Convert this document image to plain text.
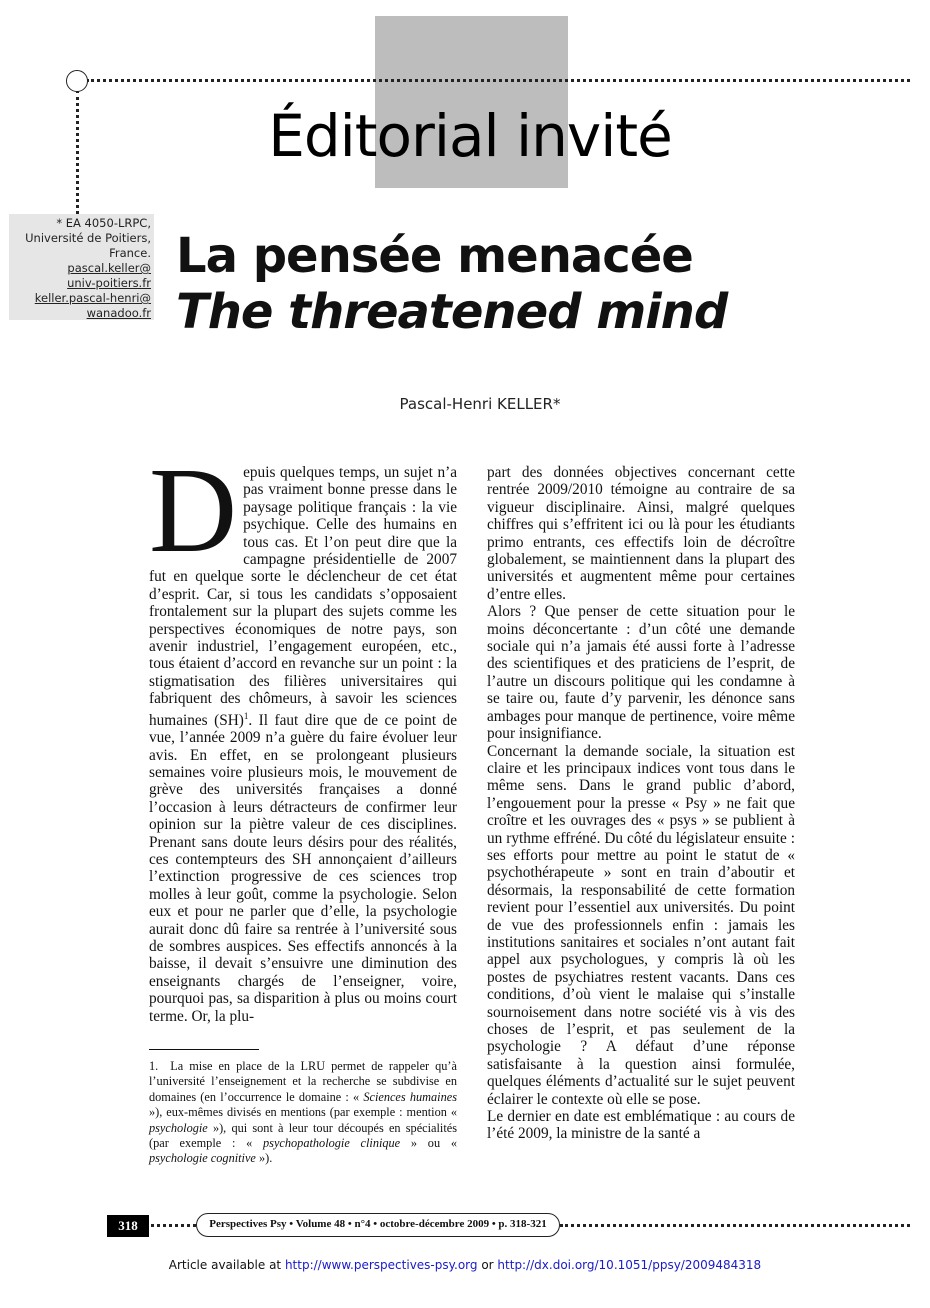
Éditorial invité
* EA 4050-LRPC,
Université de Poitiers,
France.
pascal.keller@
univ-poitiers.fr
keller.pascal-henri@
wanadoo.fr
La pensée menacée
The threatened mind
Pascal-Henri KELLER*

Depuis quelques temps, un sujet n’a pas vraiment bonne presse dans le paysage politique français : la vie psychique. Celle des humains en tous cas. Et l’on peut dire que la campagne présidentielle de 2007 fut en quelque sorte le déclencheur de cet état d’esprit. Car, si tous les candidats s’opposaient frontalement sur la plupart des sujets comme les perspectives économiques de notre pays, son avenir industriel, l’engagement européen, etc., tous étaient d’accord en revanche sur un point : la stigmatisation des filières universitaires qui fabriquent des chômeurs, à savoir les sciences humaines (SH)$^1$. Il faut dire que de ce point de vue, l’année 2009 n’a guère du faire évoluer leur avis. En effet, en se prolongeant plusieurs semaines voire plusieurs mois, le mouvement de grève des universités françaises a donné l’occasion à leurs détracteurs de confirmer leur opinion sur la piètre valeur de ces disciplines. Prenant sans doute leurs désirs pour des réalités, ces contempteurs des SH annonçaient d’ailleurs l’extinction progressive de ces sciences trop molles à leur goût, comme la psychologie. Selon eux et pour ne parler que d’elle, la psychologie aurait donc dû faire sa rentrée à l’université sous de sombres auspices. Ses effectifs annoncés à la baisse, il devait s’ensuivre une diminution des enseignants chargés de l’enseigner, voire, pourquoi pas, sa disparition à plus ou moins court terme. Or, la plu-

1. La mise en place de la LRU permet de rappeler qu’à l’université l’enseignement et la recherche se subdivise en domaines (en l’occurrence le domaine : « Sciences humaines »), eux-mêmes divisés en mentions (par exemple : mention « psychologie »), qui sont à leur tour découpés en spécialités (par exemple : « psychopathologie clinique » ou « psychologie cognitive »).

part des données objectives concernant cette rentrée 2009/2010 témoigne au contraire de sa vigueur disciplinaire. Ainsi, malgré quelques chiffres qui s’effritent ici ou là pour les étudiants primo entrants, ces effectifs loin de décroître globalement, se maintiennent dans la plupart des universités et augmentent même pour certaines d’entre elles.

Alors ? Que penser de cette situation pour le moins déconcertante : d’un côté une demande sociale qui n’a jamais été aussi forte à l’adresse des scientifiques et des praticiens de l’esprit, de l’autre un discours politique qui les condamne à se taire ou, faute d’y parvenir, les dénonce sans ambages pour manque de pertinence, voire même pour insignifiance.

Concernant la demande sociale, la situation est claire et les principaux indices vont tous dans le même sens. Dans le grand public d’abord, l’engouement pour la presse « Psy » ne fait que croître et les ouvrages des « psys » se publient à un rythme effréné. Du côté du législateur ensuite : ses efforts pour mettre au point le statut de « psychothérapeute » sont en train d’aboutir et désormais, la responsabilité de cette formation revient pour l’essentiel aux universités. Du point de vue des professionnels enfin : jamais les institutions sanitaires et sociales n’ont autant fait appel aux psychologues, y compris là où les postes de psychiatres restent vacants. Dans ces conditions, d’où vient le malaise qui s’installe sournoisement dans notre société vis à vis des choses de l’esprit, et pas seulement de la psychologie ? A défaut d’une réponse satisfaisante à la question ainsi formulée, quelques éléments d’actualité sur le sujet peuvent éclairer le contexte où elle se pose.

Le dernier en date est emblématique : au cours de l’été 2009, la ministre de la santé a

318	Perspectives Psy • Volume 48 • n°4 • octobre-décembre 2009 • p. 318-321
Article available at http://www.perspectives-psy.org or http://dx.doi.org/10.1051/ppsy/2009484318
